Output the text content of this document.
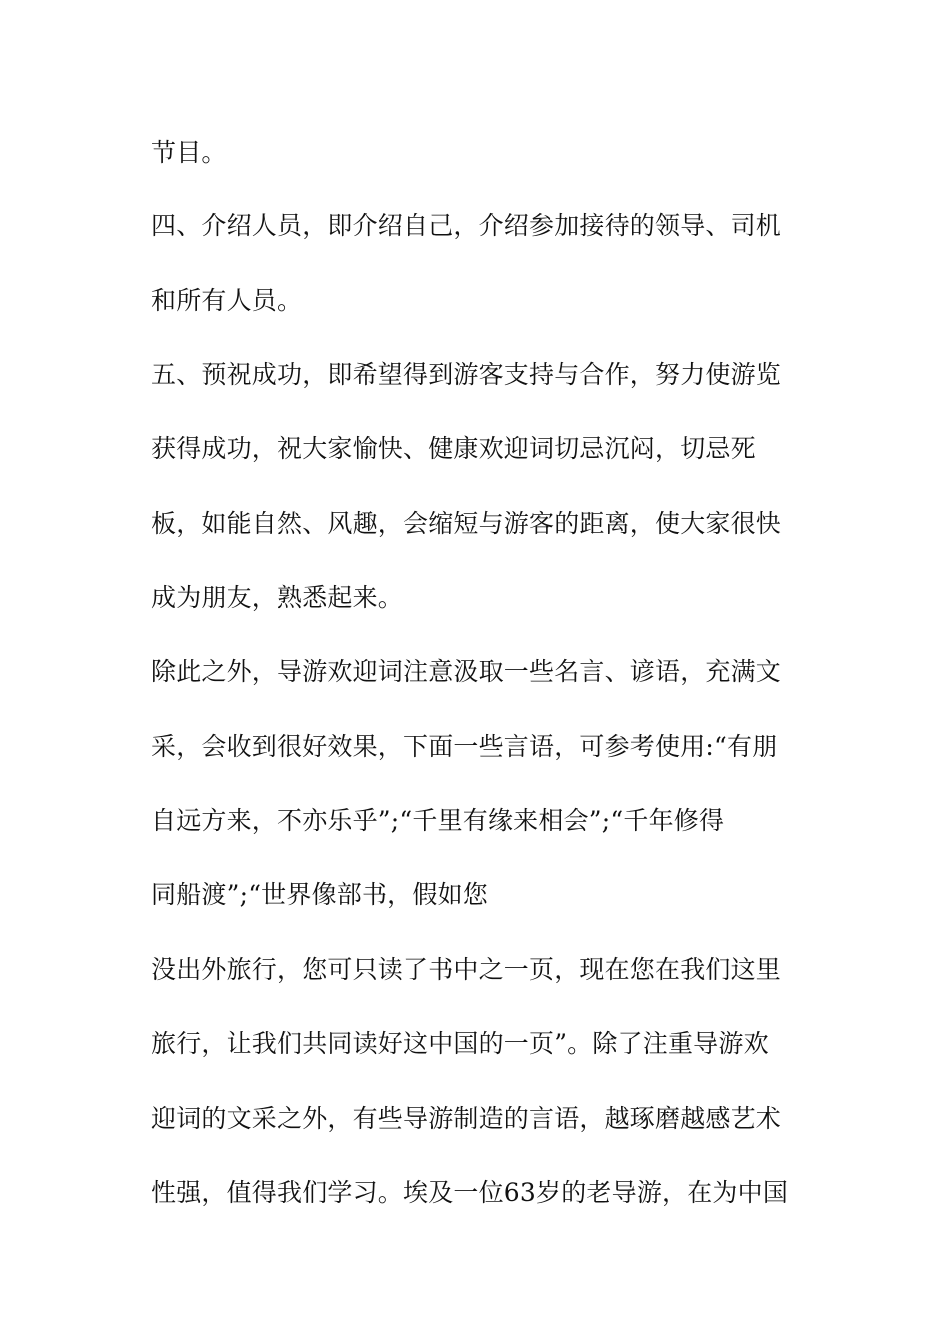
节目。
四、介绍人员，即介绍自己，介绍参加接待的领导、司机
和所有人员。
五、预祝成功，即希望得到游客支持与合作，努力使游览
获得成功，祝大家愉快、健康欢迎词切忌沉闷，切忌死
板，如能自然、风趣，会缩短与游客的距离，使大家很快
成为朋友，熟悉起来。
除此之外，导游欢迎词注意汲取一些名言、谚语，充满文
采，会收到很好效果，下面一些言语，可参考使用:“有朋
自远方来，不亦乐乎”;“千里有缘来相会”;“千年修得
同船渡”;“世界像部书，假如您
没出外旅行，您可只读了书中之一页，现在您在我们这里
旅行，让我们共同读好这中国的一页”。除了注重导游欢
迎词的文采之外，有些导游制造的言语，越琢磨越感艺术
性强，值得我们学习。埃及一位63岁的老导游，在为中国
